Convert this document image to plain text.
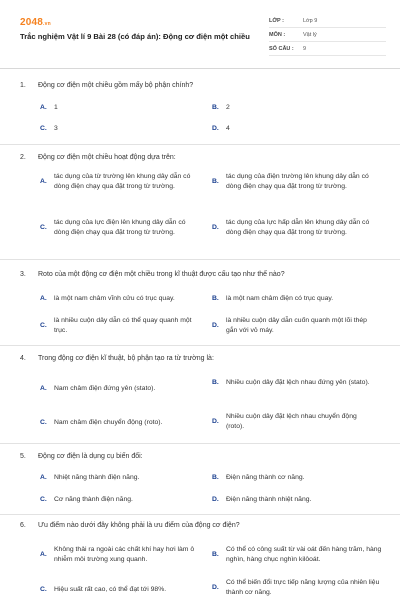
2048.vn
Trắc nghiệm Vật lí 9 Bài 28 (có đáp án): Động cơ điện một chiều
LỚP :	Lớp 9
MÔN :	Vật lý
SỐ CÂU :	9
1.	Động cơ điện một chiều gồm mấy bộ phận chính?
A.	1	B.	2
C.	3	D.	4
2.	Động cơ điện một chiều hoạt động dựa trên:
A.
tác dụng của từ trường lên khung dây dẫn có dòng điện chạy qua đặt trong từ trường.
B.
tác dụng của điện trường lên khung dây dẫn có dòng điện chạy qua đặt trong từ trường.
C.
tác dụng của lực điện lên khung dây dẫn có dòng điện chạy qua đặt trong từ trường.
D.
tác dụng của lực hấp dẫn lên khung dây dẫn có dòng điện chạy qua đặt trong từ trường.
3.	Roto của một động cơ điện một chiều trong kĩ thuật được cấu tạo như thế nào?
A.	là một nam châm vĩnh cửu có trục quay.	B.	là một nam châm điện có trục quay.
C.
là nhiều cuộn dây dẫn có thể quay quanh một trục.
D.
là nhiều cuộn dây dẫn cuốn quanh một lõi thép gắn với vỏ máy.
4.	Trong động cơ điện kĩ thuật, bộ phận tạo ra từ trường là:
A.	Nam châm điện đứng yên (stato).
B.	Nhiều cuộn dây đặt lệch nhau đứng yên (stato).
C.	Nam châm điện chuyển động (roto).	D.
Nhiều cuộn dây đặt lệch nhau chuyển động (roto).
5.	Động cơ điện là dụng cụ biến đổi:
A.	Nhiệt năng thành điện năng.	B.	Điện năng thành cơ năng.
C.	Cơ năng thành điện năng.	D.	Điện năng thành nhiệt năng.
6.	Ưu điểm nào dưới đây không phải là ưu điểm của động cơ điện?
A.
Không thải ra ngoài các chất khí hay hơi làm ô nhiễm môi trường xung quanh.
B.
Có thể có công suất từ vài oát đến hàng trăm, hàng nghìn, hàng chục nghìn kilôoát.
C.	Hiệu suất rất cao, có thể đạt tới 98%.	D.
Có thể biến đổi trực tiếp năng lượng của nhiên liệu thành cơ năng.
